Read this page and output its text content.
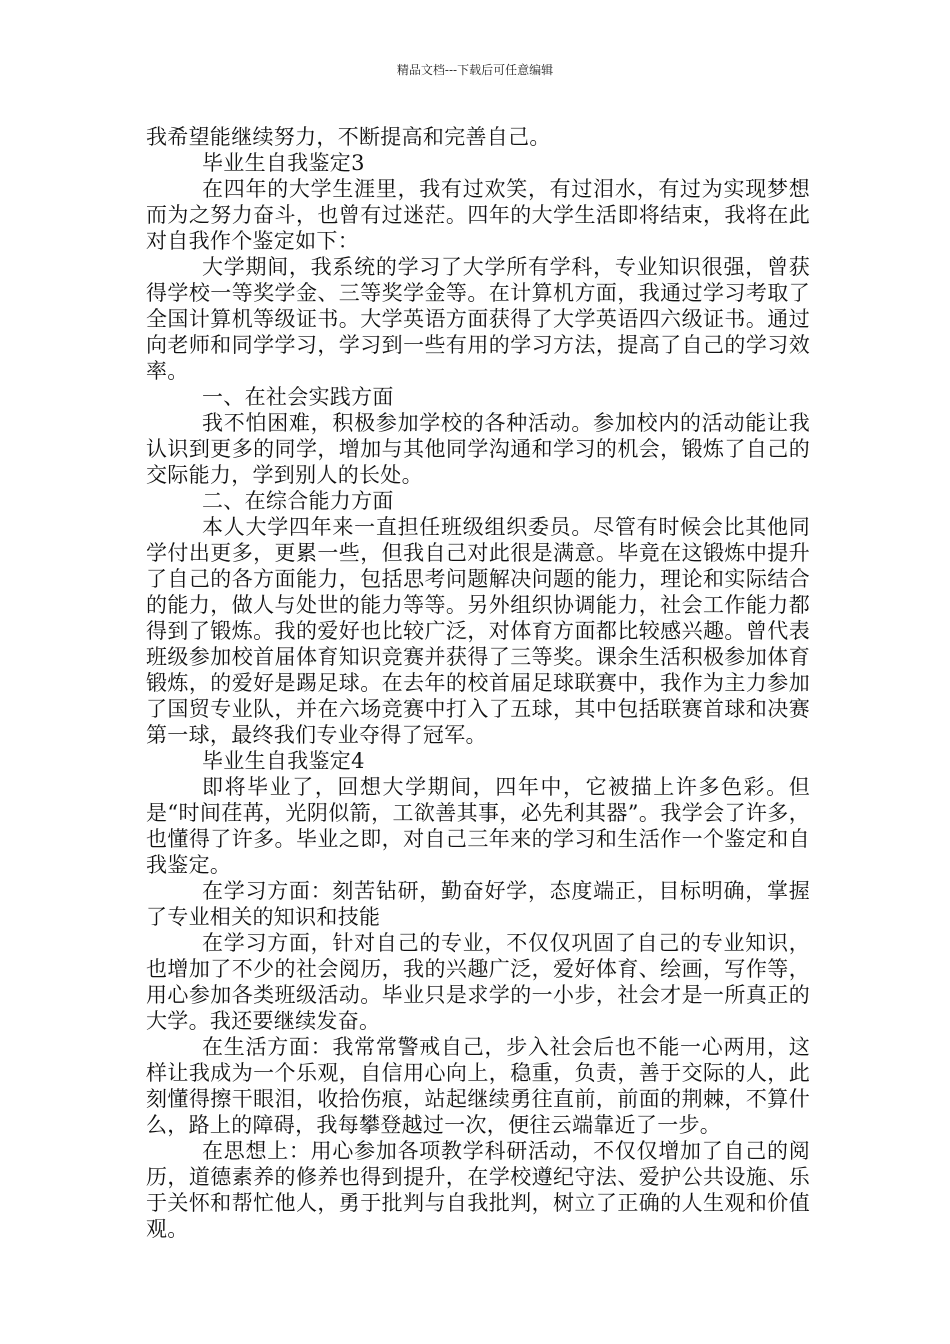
精品文档---下载后可任意编辑

我希望能继续努力，不断提高和完善自己。

毕业生自我鉴定3

在四年的大学生涯里，我有过欢笑，有过泪水，有过为实现梦想而为之努力奋斗，也曾有过迷茫。四年的大学生活即将结束，我将在此对自我作个鉴定如下：

大学期间，我系统的学习了大学所有学科，专业知识很强，曾获得学校一等奖学金、三等奖学金等。在计算机方面，我通过学习考取了全国计算机等级证书。大学英语方面获得了大学英语四六级证书。通过向老师和同学学习，学习到一些有用的学习方法，提高了自己的学习效率。

一、在社会实践方面

我不怕困难，积极参加学校的各种活动。参加校内的活动能让我认识到更多的同学，增加与其他同学沟通和学习的机会，锻炼了自己的交际能力，学到别人的长处。

二、在综合能力方面

本人大学四年来一直担任班级组织委员。尽管有时候会比其他同学付出更多，更累一些，但我自己对此很是满意。毕竟在这锻炼中提升了自己的各方面能力，包括思考问题解决问题的能力，理论和实际结合的能力，做人与处世的能力等等。另外组织协调能力，社会工作能力都得到了锻炼。我的爱好也比较广泛，对体育方面都比较感兴趣。曾代表班级参加校首届体育知识竞赛并获得了三等奖。课余生活积极参加体育锻炼，的爱好是踢足球。在去年的校首届足球联赛中，我作为主力参加了国贸专业队，并在六场竞赛中打入了五球，其中包括联赛首球和决赛第一球，最终我们专业夺得了冠军。

毕业生自我鉴定4

即将毕业了，回想大学期间，四年中，它被描上许多色彩。但是“时间荏苒，光阴似箭，工欲善其事，必先利其器”。我学会了许多，也懂得了许多。毕业之即，对自己三年来的学习和生活作一个鉴定和自我鉴定。

在学习方面：刻苦钻研，勤奋好学，态度端正，目标明确，掌握了专业相关的知识和技能

在学习方面，针对自己的专业，不仅仅巩固了自己的专业知识，也增加了不少的社会阅历，我的兴趣广泛，爱好体育、绘画，写作等，用心参加各类班级活动。毕业只是求学的一小步，社会才是一所真正的大学。我还要继续发奋。

在生活方面：我常常警戒自己，步入社会后也不能一心两用，这样让我成为一个乐观，自信用心向上，稳重，负责，善于交际的人，此刻懂得擦干眼泪，收拾伤痕，站起继续勇往直前，前面的荆棘，不算什么，路上的障碍，我每攀登越过一次，便往云端靠近了一步。

在思想上：用心参加各项教学科研活动，不仅仅增加了自己的阅历，道德素养的修养也得到提升，在学校遵纪守法、爱护公共设施、乐于关怀和帮忙他人，勇于批判与自我批判，树立了正确的人生观和价值观。
